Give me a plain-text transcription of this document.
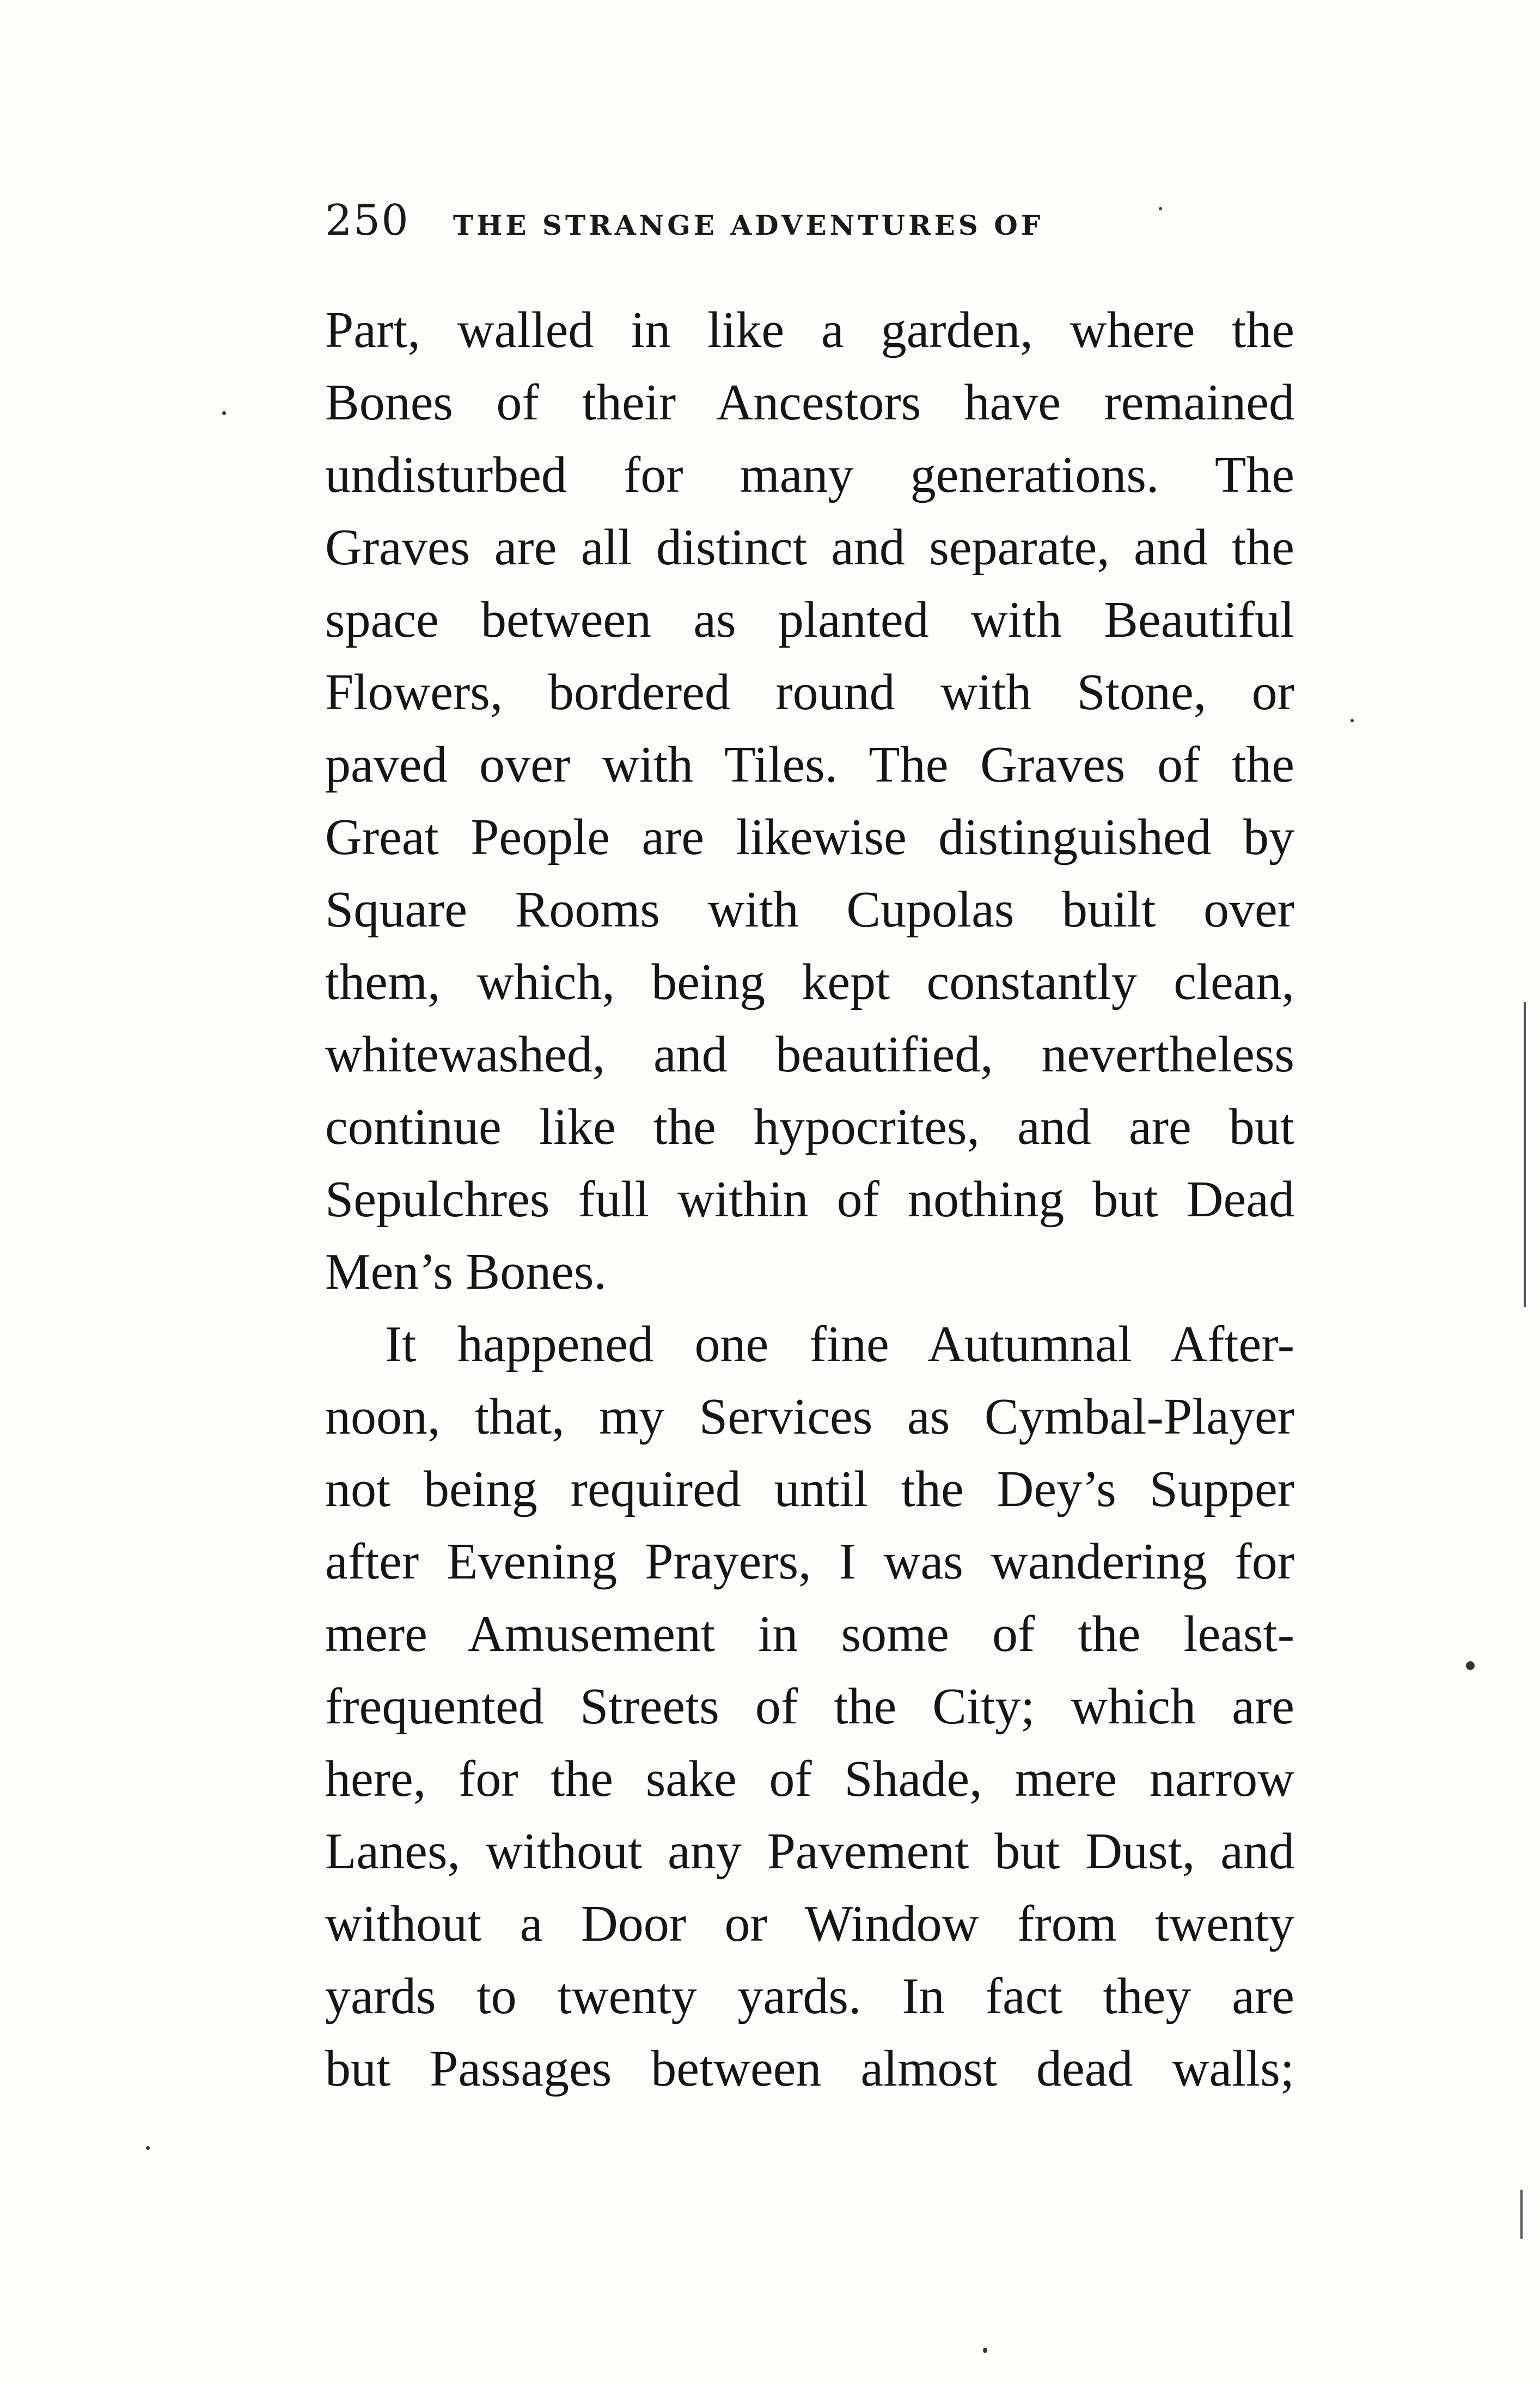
250 THE STRANGE ADVENTURES OF
Part, walled in like a garden, where the
Bones of their Ancestors have remained
undisturbed for many generations. The
Graves are all distinct and separate, and the
space between as planted with Beautiful
Flowers, bordered round with Stone, or
paved over with Tiles. The Graves of the
Great People are likewise distinguished by
Square Rooms with Cupolas built over
them, which, being kept constantly clean,
whitewashed, and beautified, nevertheless
continue like the hypocrites, and are but
Sepulchres full within of nothing but Dead
Men’s Bones.
It happened one fine Autumnal After-
noon, that, my Services as Cymbal-Player
not being required until the Dey’s Supper
after Evening Prayers, I was wandering for
mere Amusement in some of the least-
frequented Streets of the City; which are
here, for the sake of Shade, mere narrow
Lanes, without any Pavement but Dust, and
without a Door or Window from twenty
yards to twenty yards. In fact they are
but Passages between almost dead walls;
